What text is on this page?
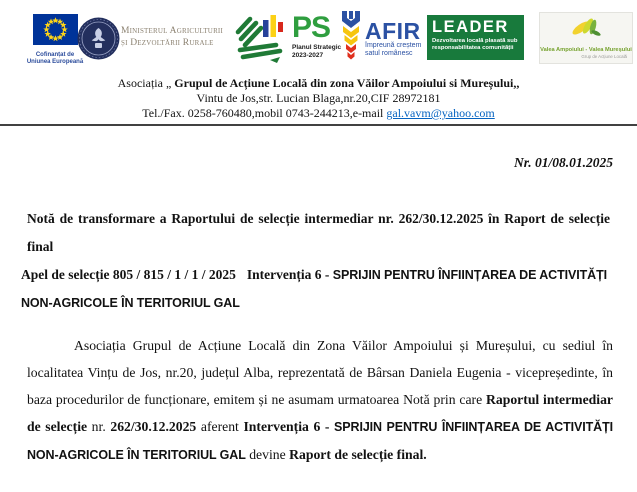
Cofinanțat de
Uniunea Europeană
Ministerul Agriculturii
și Dezvoltării Rurale	PS
Planul Strategic
2023-2027
AFIR
împreună creștem
satul românesc
LEADER
Dezvoltarea locală plasată sub
responsabilitatea comunității	Valea Ampoiului - Valea Mureșului
Grup de Acțiune Locală
Asociația „ Grupul de Acțiune Locală din zona Văilor Ampoiului si Mureșului,,
Vintu de Jos,str. Lucian Blaga,nr.20,CIF 28972181
Tel./Fax. 0258-760480,mobil 0743-244213,e-mail gal.vavm@yahoo.com
Nr. 01/08.01.2025
Notă de transformare a Raportului de selecție intermediar nr. 262/30.12.2025 în Raport de selecție final
Apel de selecție 805 / 815 / 1 / 1 / 2025 Intervenția 6 - SPRIJIN PENTRU ÎNFIINȚAREA DE ACTIVITĂȚI NON-AGRICOLE ÎN TERITORIUL GAL
Asociația Grupul de Acțiune Locală din Zona Văilor Ampoiului și Mureșului, cu sediul în localitatea Vințu de Jos, nr.20, județul Alba, reprezentată de Bârsan Daniela Eugenia - vicepreședinte, în baza procedurilor de funcționare, emitem și ne asumam urmatoarea Notă prin care Raportul intermediar de selecție nr. 262/30.12.2025 aferent Intervenția 6 - SPRIJIN PENTRU ÎNFIINȚAREA DE ACTIVITĂȚI NON-AGRICOLE ÎN TERITORIUL GAL devine Raport de selecție final.
